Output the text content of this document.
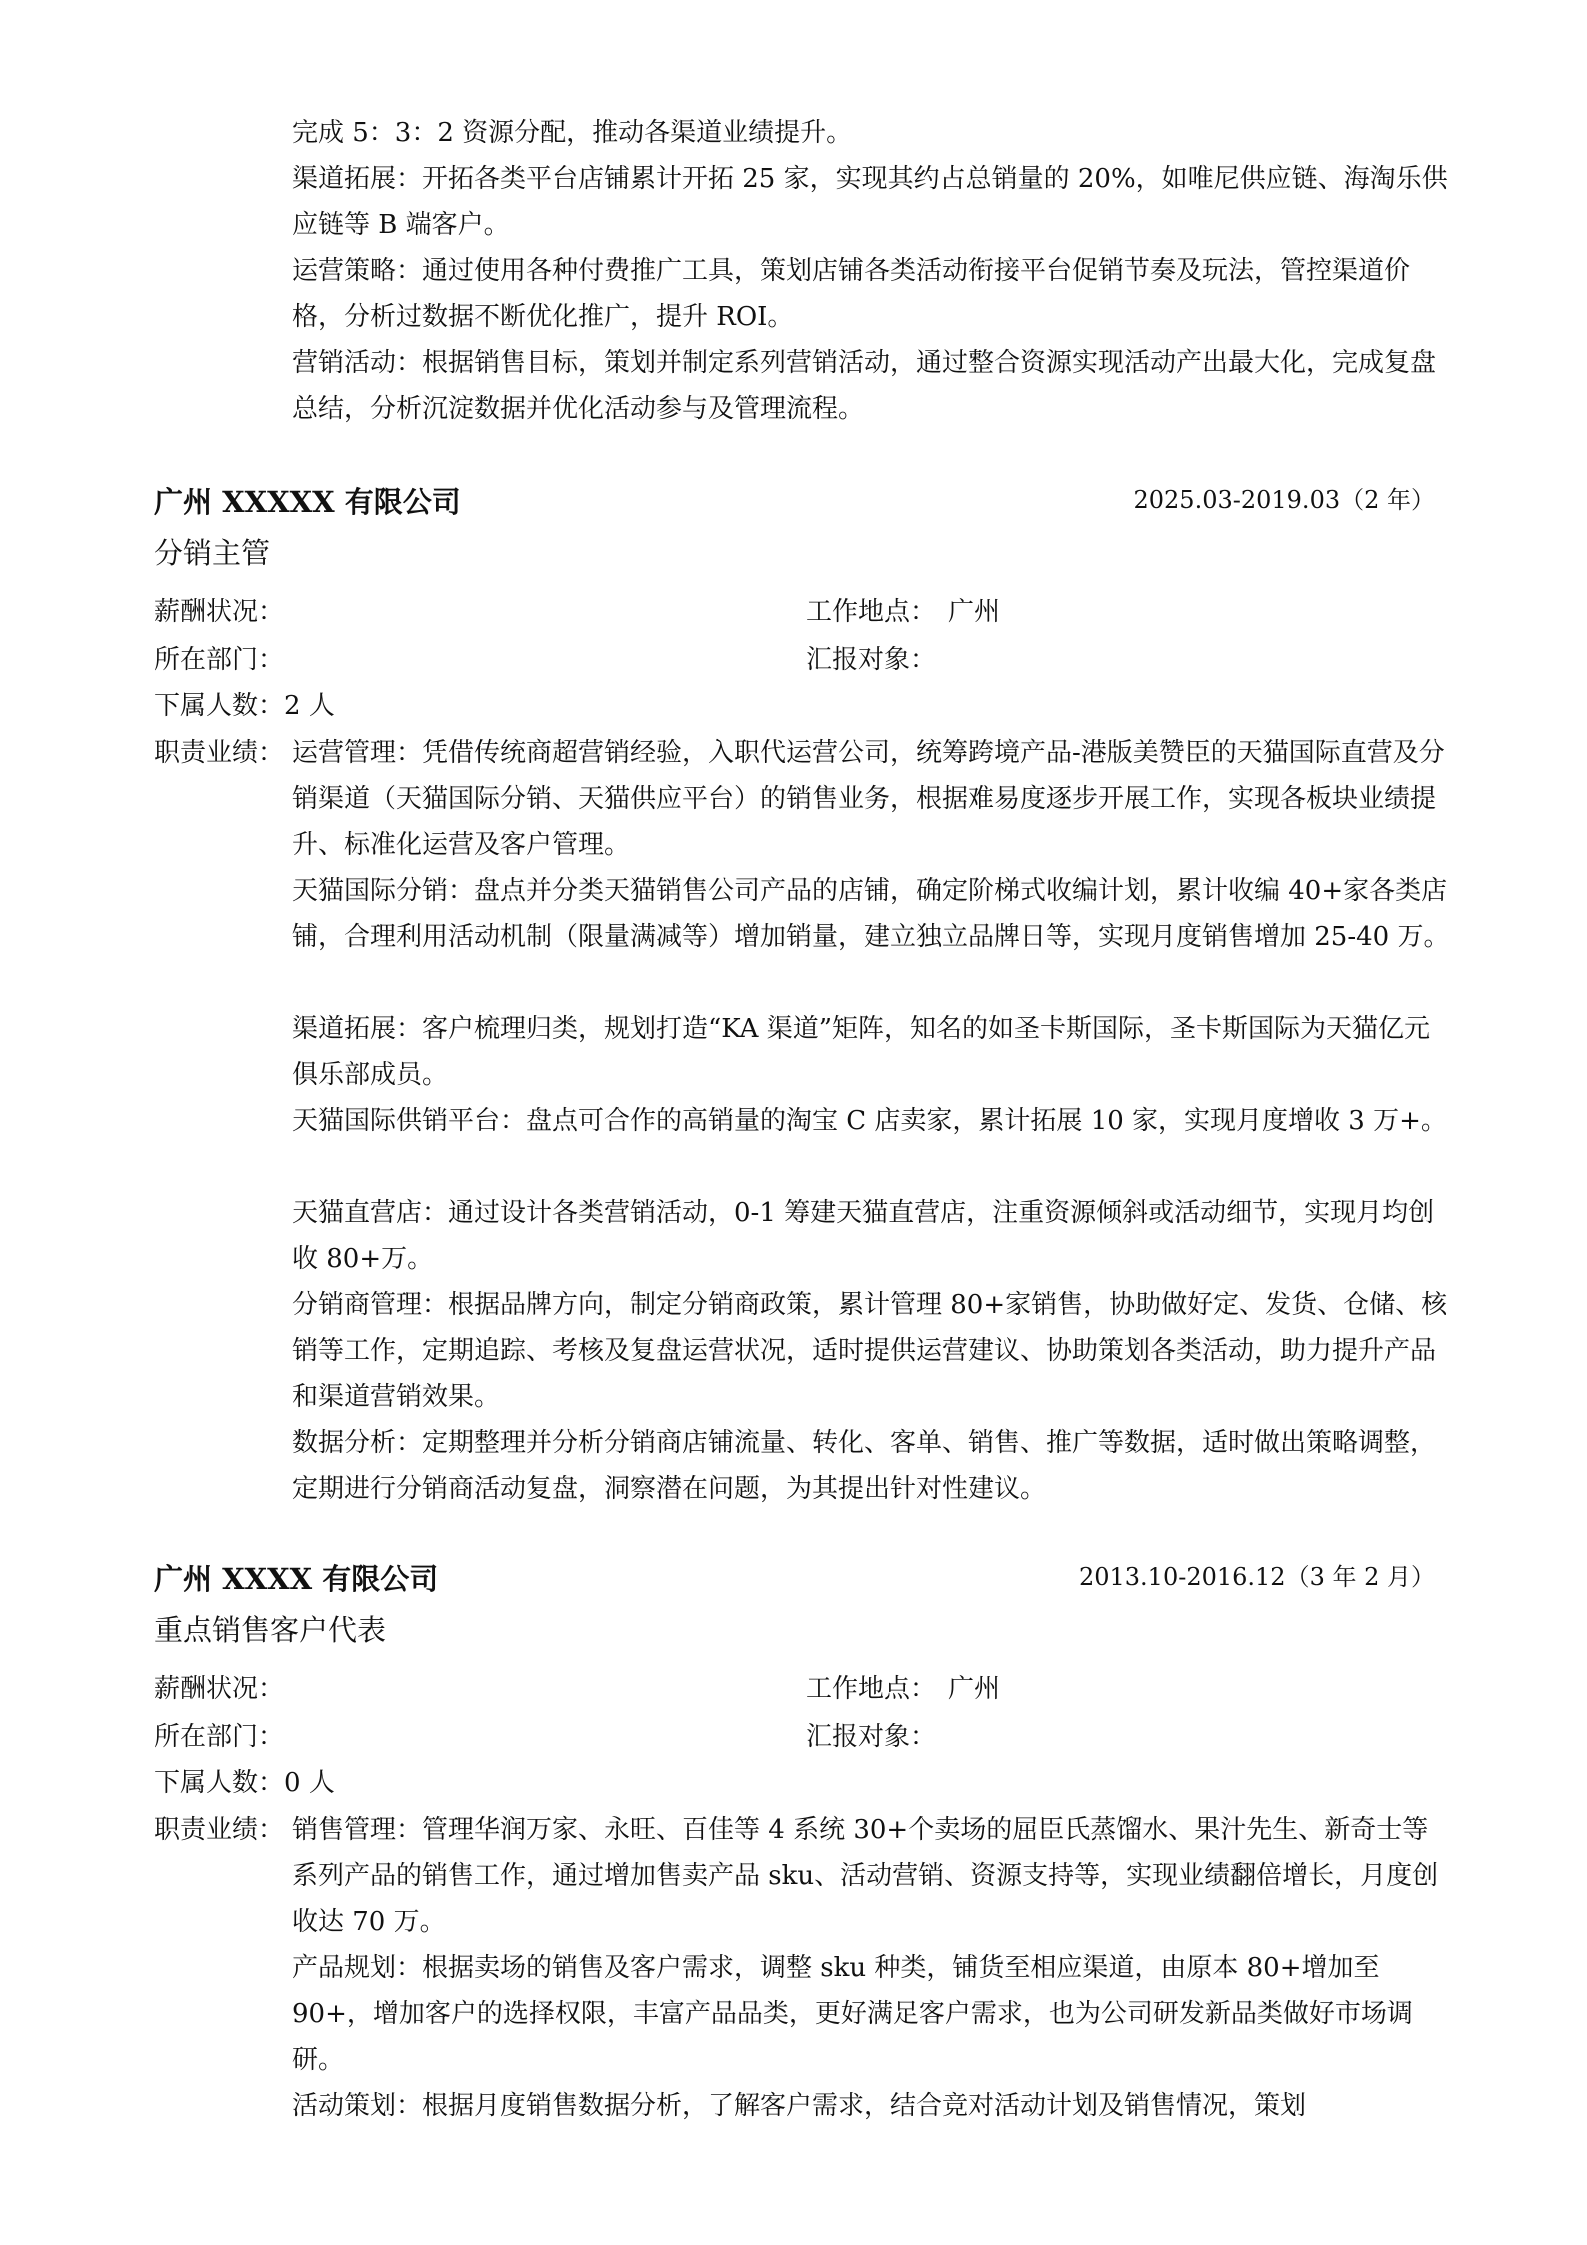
完成 5：3：2 资源分配，推动各渠道业绩提升。

渠道拓展：开拓各类平台店铺累计开拓 25 家，实现其约占总销量的 20%，如唯尼供应链、海淘乐供应链等 B 端客户。

运营策略：通过使用各种付费推广工具，策划店铺各类活动衔接平台促销节奏及玩法，管控渠道价格，分析过数据不断优化推广，提升 ROI。

营销活动：根据销售目标，策划并制定系列营销活动，通过整合资源实现活动产出最大化，完成复盘总结，分析沉淀数据并优化活动参与及管理流程。

广州 XXXXX 有限公司	2025.03-2019.03（2 年）
分销主管
薪酬状况：	工作地点： 广州
所在部门：	汇报对象：
下属人数：2 人
职责业绩： 运营管理：凭借传统商超营销经验，入职代运营公司，统筹跨境产品-港版美赞臣的天猫国际直营及分销渠道（天猫国际分销、天猫供应平台）的销售业务，根据难易度逐步开展工作，实现各板块业绩提升、标准化运营及客户管理。

天猫国际分销：盘点并分类天猫销售公司产品的店铺，确定阶梯式收编计划，累计收编 40+家各类店铺，合理利用活动机制（限量满减等）增加销量，建立独立品牌日等，实现月度销售增加 25-40 万。

渠道拓展：客户梳理归类，规划打造“KA 渠道”矩阵，知名的如圣卡斯国际，圣卡斯国际为天猫亿元俱乐部成员。

天猫国际供销平台：盘点可合作的高销量的淘宝 C 店卖家，累计拓展 10 家，实现月度增收 3 万+。

天猫直营店：通过设计各类营销活动，0-1 筹建天猫直营店，注重资源倾斜或活动细节，实现月均创收 80+万。

分销商管理：根据品牌方向，制定分销商政策，累计管理 80+家销售，协助做好定、发货、仓储、核销等工作，定期追踪、考核及复盘运营状况，适时提供运营建议、协助策划各类活动，助力提升产品和渠道营销效果。

数据分析：定期整理并分析分销商店铺流量、转化、客单、销售、推广等数据，适时做出策略调整，定期进行分销商活动复盘，洞察潜在问题，为其提出针对性建议。

广州 XXXX 有限公司	2013.10-2016.12（3 年 2 月）
重点销售客户代表
薪酬状况：	工作地点： 广州
所在部门：	汇报对象：
下属人数：0 人
职责业绩： 销售管理：管理华润万家、永旺、百佳等 4 系统 30+个卖场的屈臣氏蒸馏水、果汁先生、新奇士等系列产品的销售工作，通过增加售卖产品 sku、活动营销、资源支持等，实现业绩翻倍增长，月度创收达 70 万。

产品规划：根据卖场的销售及客户需求，调整 sku 种类，铺货至相应渠道，由原本 80+增加至 90+，增加客户的选择权限，丰富产品品类，更好满足客户需求，也为公司研发新品类做好市场调研。

活动策划：根据月度销售数据分析，了解客户需求，结合竞对活动计划及销售情况，策划
